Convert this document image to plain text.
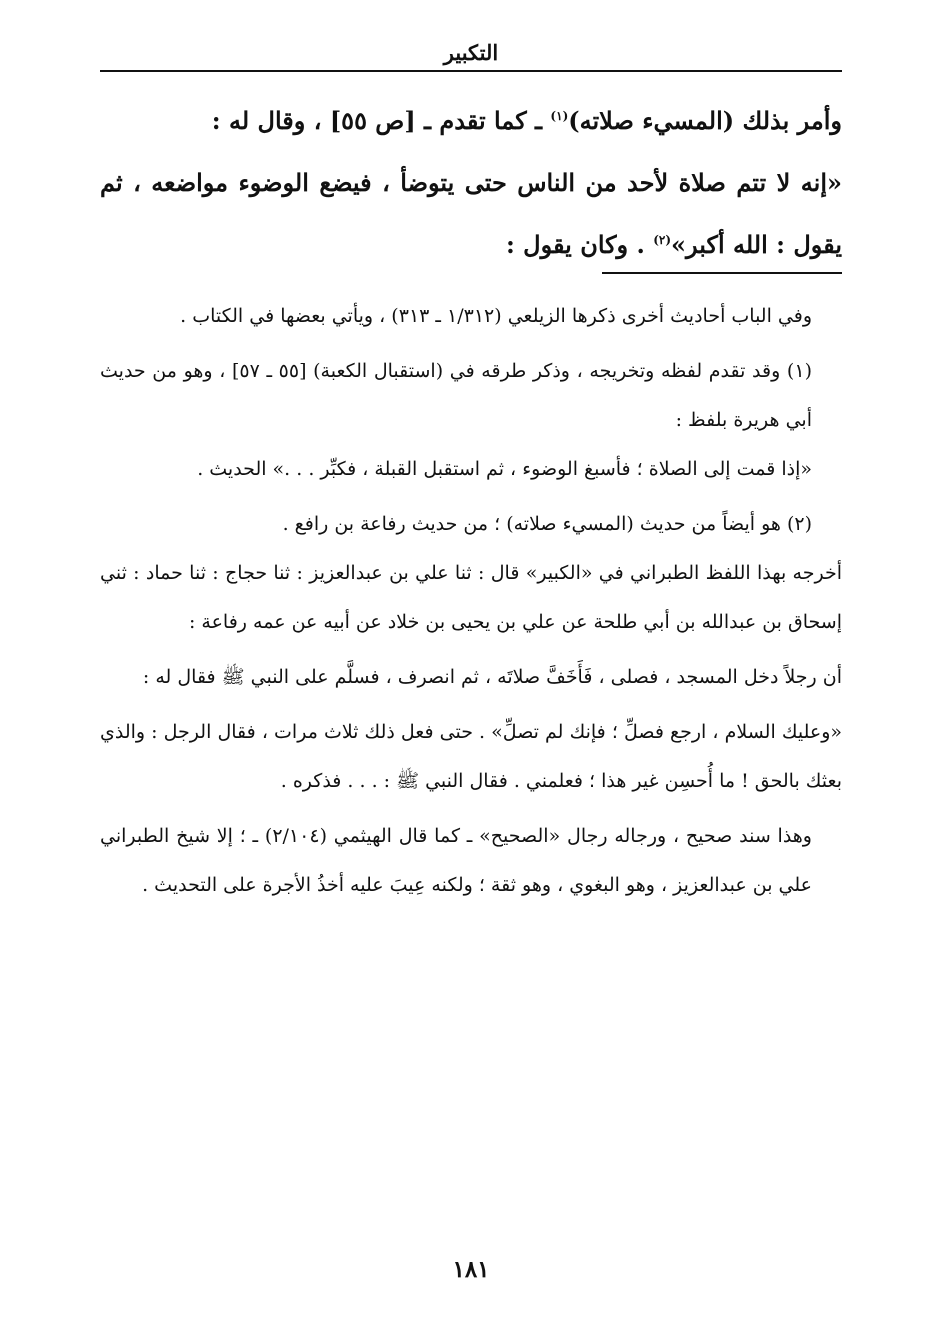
التكبير

وأمر بذلك (المسيء صلاته)$^{(١)}$ ـ كما تقدم ـ [ص ٥٥] ، وقال له :

«إنه لا تتم صلاة لأحد من الناس حتى يتوضأ ، فيضع الوضوء مواضعه ، ثم يقول : الله أكبر»$^{(٢)}$ . وكان يقول :

وفي الباب أحاديث أخرى ذكرها الزيلعي (١/٣١٢ ـ ٣١٣) ، ويأتي بعضها في الكتاب .

(١) وقد تقدم لفظه وتخريجه ، وذكر طرقه في (استقبال الكعبة) [٥٥ ـ ٥٧] ، وهو من حديث أبي هريرة بلفظ :

«إذا قمت إلى الصلاة ؛ فأسبغ الوضوء ، ثم استقبل القبلة ، فكبِّر . . .» الحديث .

(٢) هو أيضاً من حديث (المسيء صلاته) ؛ من حديث رفاعة بن رافع .

أخرجه بهذا اللفظ الطبراني في «الكبير» قال : ثنا علي بن عبدالعزيز : ثنا حجاج : ثنا حماد : ثني إسحاق بن عبدالله بن أبي طلحة عن علي بن يحيى بن خلاد عن أبيه عن عمه رفاعة :

أن رجلاً دخل المسجد ، فصلى ، فَأَخَفَّ صلاتَه ، ثم انصرف ، فسلَّم على النبي ﷺ فقال له :

«وعليك السلام ، ارجع فصلِّ ؛ فإنك لم تصلِّ» . حتى فعل ذلك ثلاث مرات ، فقال الرجل : والذي بعثك بالحق ! ما أُحسِن غير هذا ؛ فعلمني . فقال النبي ﷺ : . . . فذكره .

وهذا سند صحيح ، ورجاله رجال «الصحيح» ـ كما قال الهيثمي (٢/١٠٤) ـ ؛ إلا شيخ الطبراني علي بن عبدالعزيز ، وهو البغوي ، وهو ثقة ؛ ولكنه عِيبَ عليه أخذُ الأجرة على التحديث .

١٨١
